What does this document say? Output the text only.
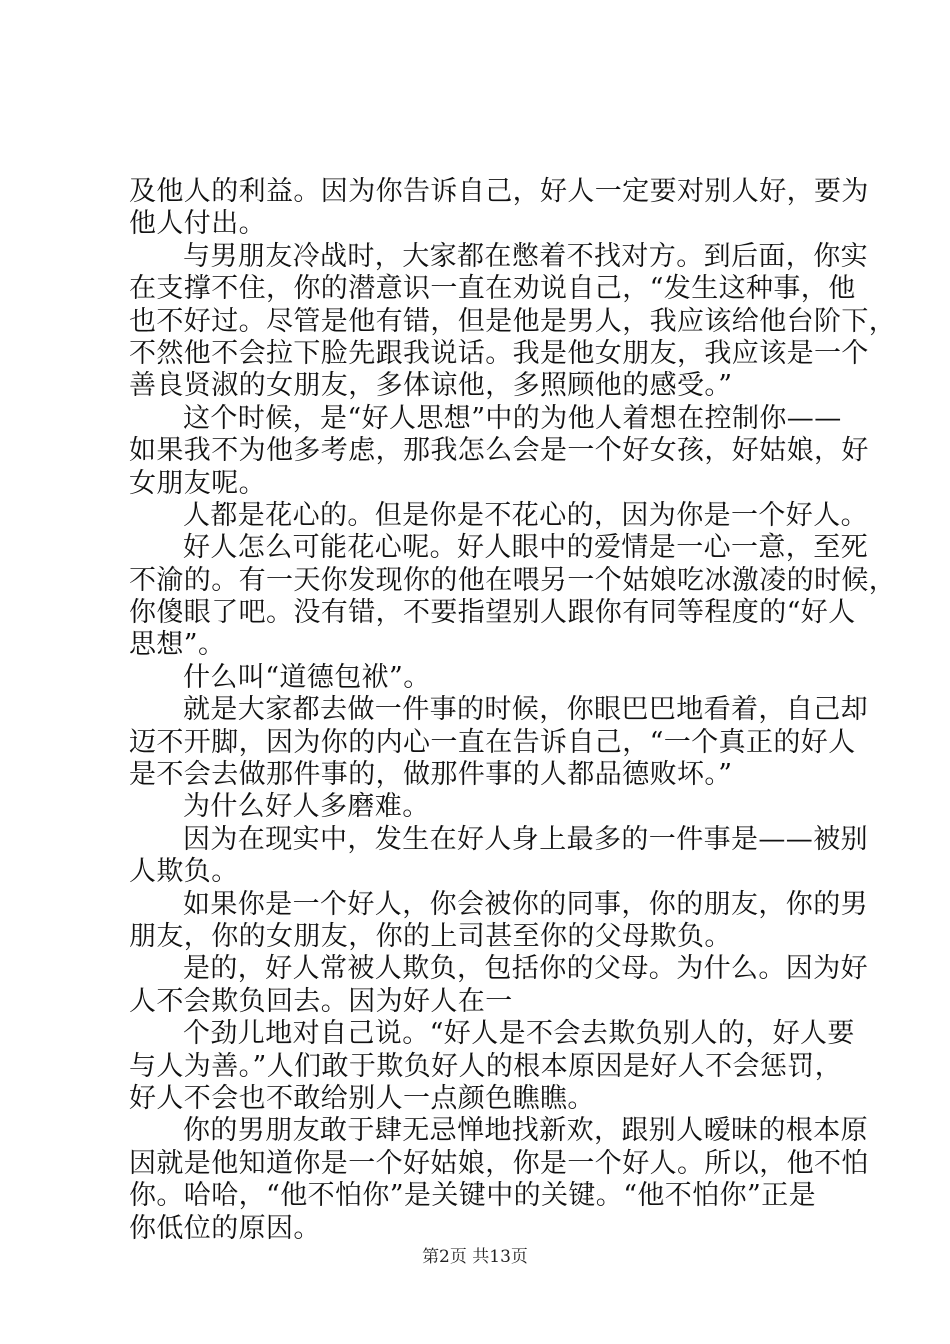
及他人的利益。因为你告诉自己，好人一定要对别人好，要为
他人付出。
与男朋友冷战时，大家都在憋着不找对方。到后面，你实
在支撑不住，你的潜意识一直在劝说自己，“发生这种事，他
也不好过。尽管是他有错，但是他是男人，我应该给他台阶下，
不然他不会拉下脸先跟我说话。我是他女朋友，我应该是一个
善良贤淑的女朋友，多体谅他，多照顾他的感受。”
这个时候，是“好人思想”中的为他人着想在控制你——
如果我不为他多考虑，那我怎么会是一个好女孩，好姑娘，好
女朋友呢。
人都是花心的。但是你是不花心的，因为你是一个好人。
好人怎么可能花心呢。好人眼中的爱情是一心一意，至死
不渝的。有一天你发现你的他在喂另一个姑娘吃冰激凌的时候，
你傻眼了吧。没有错，不要指望别人跟你有同等程度的“好人
思想”。
什么叫“道德包袱”。
就是大家都去做一件事的时候，你眼巴巴地看着，自己却
迈不开脚，因为你的内心一直在告诉自己，“一个真正的好人
是不会去做那件事的，做那件事的人都品德败坏。”
为什么好人多磨难。
因为在现实中，发生在好人身上最多的一件事是——被别
人欺负。
如果你是一个好人，你会被你的同事，你的朋友，你的男
朋友，你的女朋友，你的上司甚至你的父母欺负。
是的，好人常被人欺负，包括你的父母。为什么。因为好
人不会欺负回去。因为好人在一
个劲儿地对自己说。“好人是不会去欺负别人的，好人要
与人为善。”人们敢于欺负好人的根本原因是好人不会惩罚，
好人不会也不敢给别人一点颜色瞧瞧。
你的男朋友敢于肆无忌惮地找新欢，跟别人暧昧的根本原
因就是他知道你是一个好姑娘，你是一个好人。所以，他不怕
你。哈哈，“他不怕你”是关键中的关键。“他不怕你”正是
你低位的原因。
第2页 共13页
